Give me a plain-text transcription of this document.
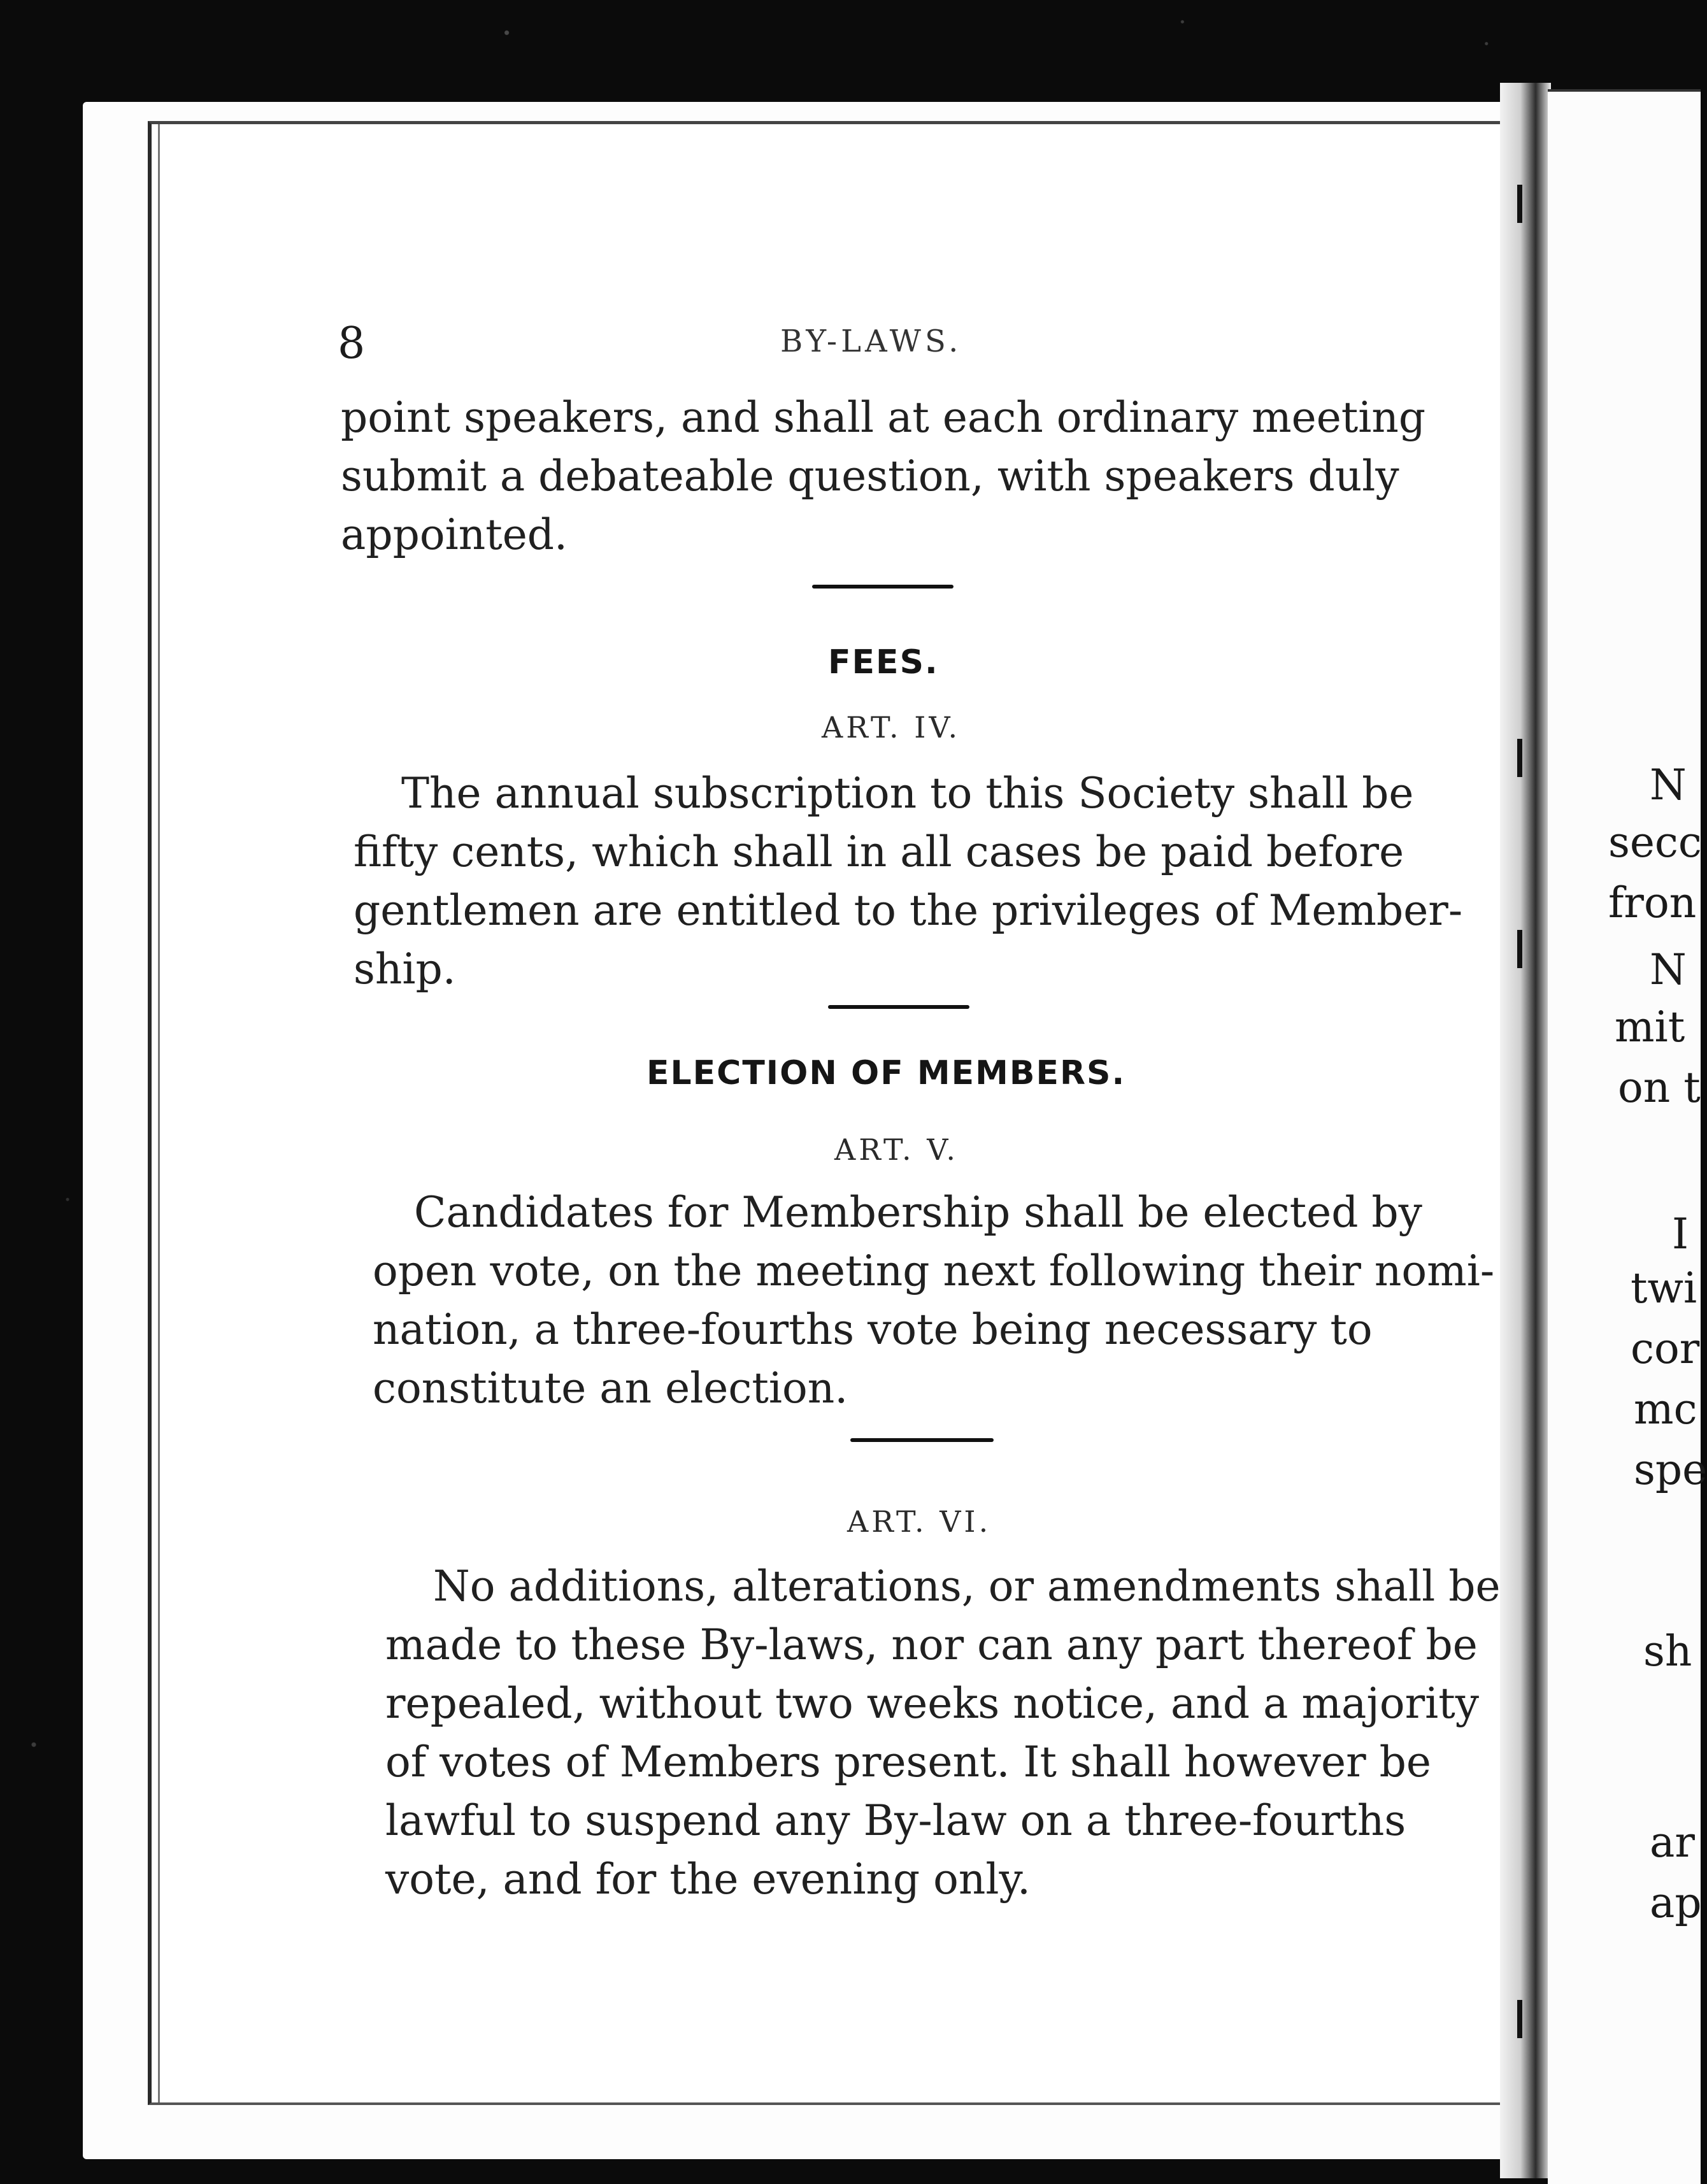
N
secc
fron
N
mit
on t
I
twi
cor
mc
spe
sh
ar
ap
8	BY-LAWS.
point speakers, and shall at each ordinary meeting
submit a debateable question, with speakers duly
appointed.
FEES.
ART. IV.
The annual subscription to this Society shall be
fifty cents, which shall in all cases be paid before
gentlemen are entitled to the privileges of Member-
ship.
ELECTION OF MEMBERS.
ART. V.
Candidates for Membership shall be elected by
open vote, on the meeting next following their nomi-
nation, a three-fourths vote being necessary to
constitute an election.
ART. VI.
No additions, alterations, or amendments shall be
made to these By-laws, nor can any part thereof be
repealed, without two weeks notice, and a majority
of votes of Members present. It shall however be
lawful to suspend any By-law on a three-fourths
vote, and for the evening only.
